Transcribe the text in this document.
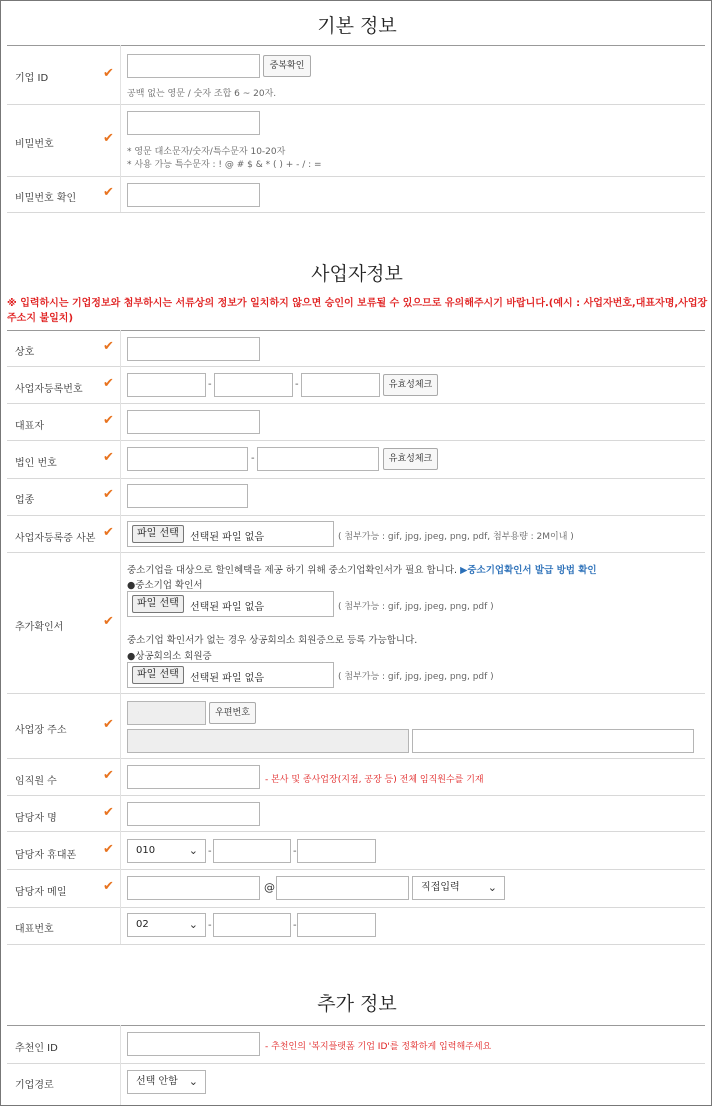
기본 정보
기업 ID	✔	중복확인
공백 없는 영문 / 숫자 조합 6 ~ 20자.
비밀번호	✔
* 영문 대소문자/숫자/특수문자 10-20자
* 사용 가능 특수문자 : ! @ # $ & * ( ) + - / : =
비밀번호 확인 ✔
사업자정보
※ 입력하시는 기업정보와 첨부하시는 서류상의 정보가 일치하지 않으면 승인이 보류될 수 있으므로 유의해주시기 바랍니다.(예시 : 사업자번호,대표자명,사업장주소지 불일치)
상호	✔
사업자등록번호 ✔	-	-	유효성체크
대표자	✔
법인 번호	✔	-	유효성체크
업종	✔
사업자등록증 사본 ✔	파일 선택	선택된 파일 없음	( 첨부가능 : gif, jpg, jpeg, png, pdf, 첨부용량 : 2M이내 )
추가확인서	✔
중소기업을 대상으로 할인혜택을 제공 하기 위해 중소기업확인서가 필요 합니다. ▶중소기업확인서 발급 방법 확인
●중소기업 확인서
파일 선택	선택된 파일 없음	( 첨부가능 : gif, jpg, jpeg, png, pdf )
중소기업 확인서가 없는 경우 상공회의소 회원증으로 등록 가능합니다.
●상공회의소 회원증
파일 선택	선택된 파일 없음	( 첨부가능 : gif, jpg, jpeg, png, pdf )
사업장 주소	✔
우편번호
임직원 수	✔	- 본사 및 종사업장(지점, 공장 등) 전체 임직원수를 기재
담당자 명	✔
담당자 휴대폰 ✔	010	⌄ -	-
담당자 메일	✔	@	직접입력	⌄
대표번호	02	⌄ -	-
추가 정보
추천인 ID	- 추천인의 '복지플랫폼 기업 ID'를 정확하게 입력해주세요
기업경로	선택 안함 ⌄
